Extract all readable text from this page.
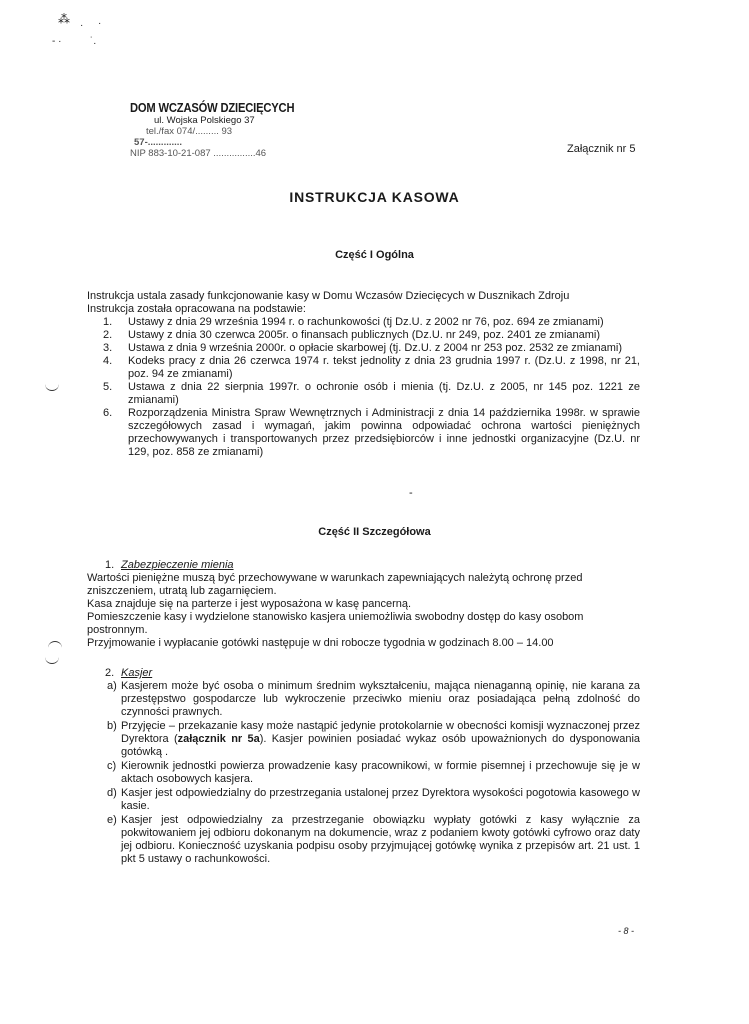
⁂ · ·
‐ ·	˙.
DOM WCZASÓW DZIECIĘCYCH
ul. Wojska Polskiego 37
tel./fax 074/......... 93
57-.............
NIP 883-10-21-087 ................46	Załącznik nr 5
INSTRUKCJA KASOWA
Część I Ogólna

Instrukcja ustala zasady funkcjonowanie kasy w Domu Wczasów Dziecięcych w Dusznikach Zdroju

Instrukcja została opracowana na podstawie:

1. Ustawy z dnia 29 września 1994 r. o rachunkowości (tj Dz.U. z 2002 nr 76, poz. 694 ze zmianami)
2. Ustawy z dnia 30 czerwca 2005r. o finansach publicznych (Dz.U. nr 249, poz. 2401 ze zmianami)
3. Ustawa z dnia 9 września 2000r. o opłacie skarbowej (tj. Dz.U. z 2004 nr 253 poz. 2532 ze zmianami)
4. Kodeks pracy z dnia 26 czerwca 1974 r. tekst jednolity z dnia 23 grudnia 1997 r. (Dz.U. z 1998, nr 21, poz. 94 ze zmianami)
5. Ustawa z dnia 22 sierpnia 1997r. o ochronie osób i mienia (tj. Dz.U. z 2005, nr 145 poz. 1221 ze zmianami)
6. Rozporządzenia Ministra Spraw Wewnętrznych i Administracji z dnia 14 października 1998r. w sprawie szczegółowych zasad i wymagań, jakim powinna odpowiadać ochrona wartości pieniężnych przechowywanych i transportowanych przez przedsiębiorców i inne jednostki organizacyjne (Dz.U. nr 129, poz. 858 ze zmianami)
-
Część II Szczegółowa

1. Zabezpieczenie mienia

Wartości pieniężne muszą być przechowywane w warunkach zapewniających należytą ochronę przed zniszczeniem, utratą lub zagarnięciem.

Kasa znajduje się na parterze i jest wyposażona w kasę pancerną.

Pomieszczenie kasy i wydzielone stanowisko kasjera uniemożliwia swobodny dostęp do kasy osobom postronnym.

Przyjmowanie i wypłacanie gotówki następuje w dni robocze tygodnia w godzinach 8.00 – 14.00

2. Kasjer

a) Kasjerem może być osoba o minimum średnim wykształceniu, mająca nienaganną opinię, nie karana za przestępstwo gospodarcze lub wykroczenie przeciwko mieniu oraz posiadająca pełną zdolność do czynności prawnych.
b) Przyjęcie – przekazanie kasy może nastąpić jedynie protokolarnie w obecności komisji wyznaczonej przez Dyrektora (załącznik nr 5a). Kasjer powinien posiadać wykaz osób upoważnionych do dysponowania gotówką .
c) Kierownik jednostki powierza prowadzenie kasy pracownikowi, w formie pisemnej i przechowuje się je w aktach osobowych kasjera.
d) Kasjer jest odpowiedzialny do przestrzegania ustalonej przez Dyrektora wysokości pogotowia kasowego w kasie.
e) Kasjer jest odpowiedzialny za przestrzeganie obowiązku wypłaty gotówki z kasy wyłącznie za pokwitowaniem jej odbioru dokonanym na dokumencie, wraz z podaniem kwoty gotówki cyfrowo oraz daty jej odbioru. Konieczność uzyskania podpisu osoby przyjmującej gotówkę wynika z przepisów art. 21 ust. 1 pkt 5 ustawy o rachunkowości.
- 8 -
